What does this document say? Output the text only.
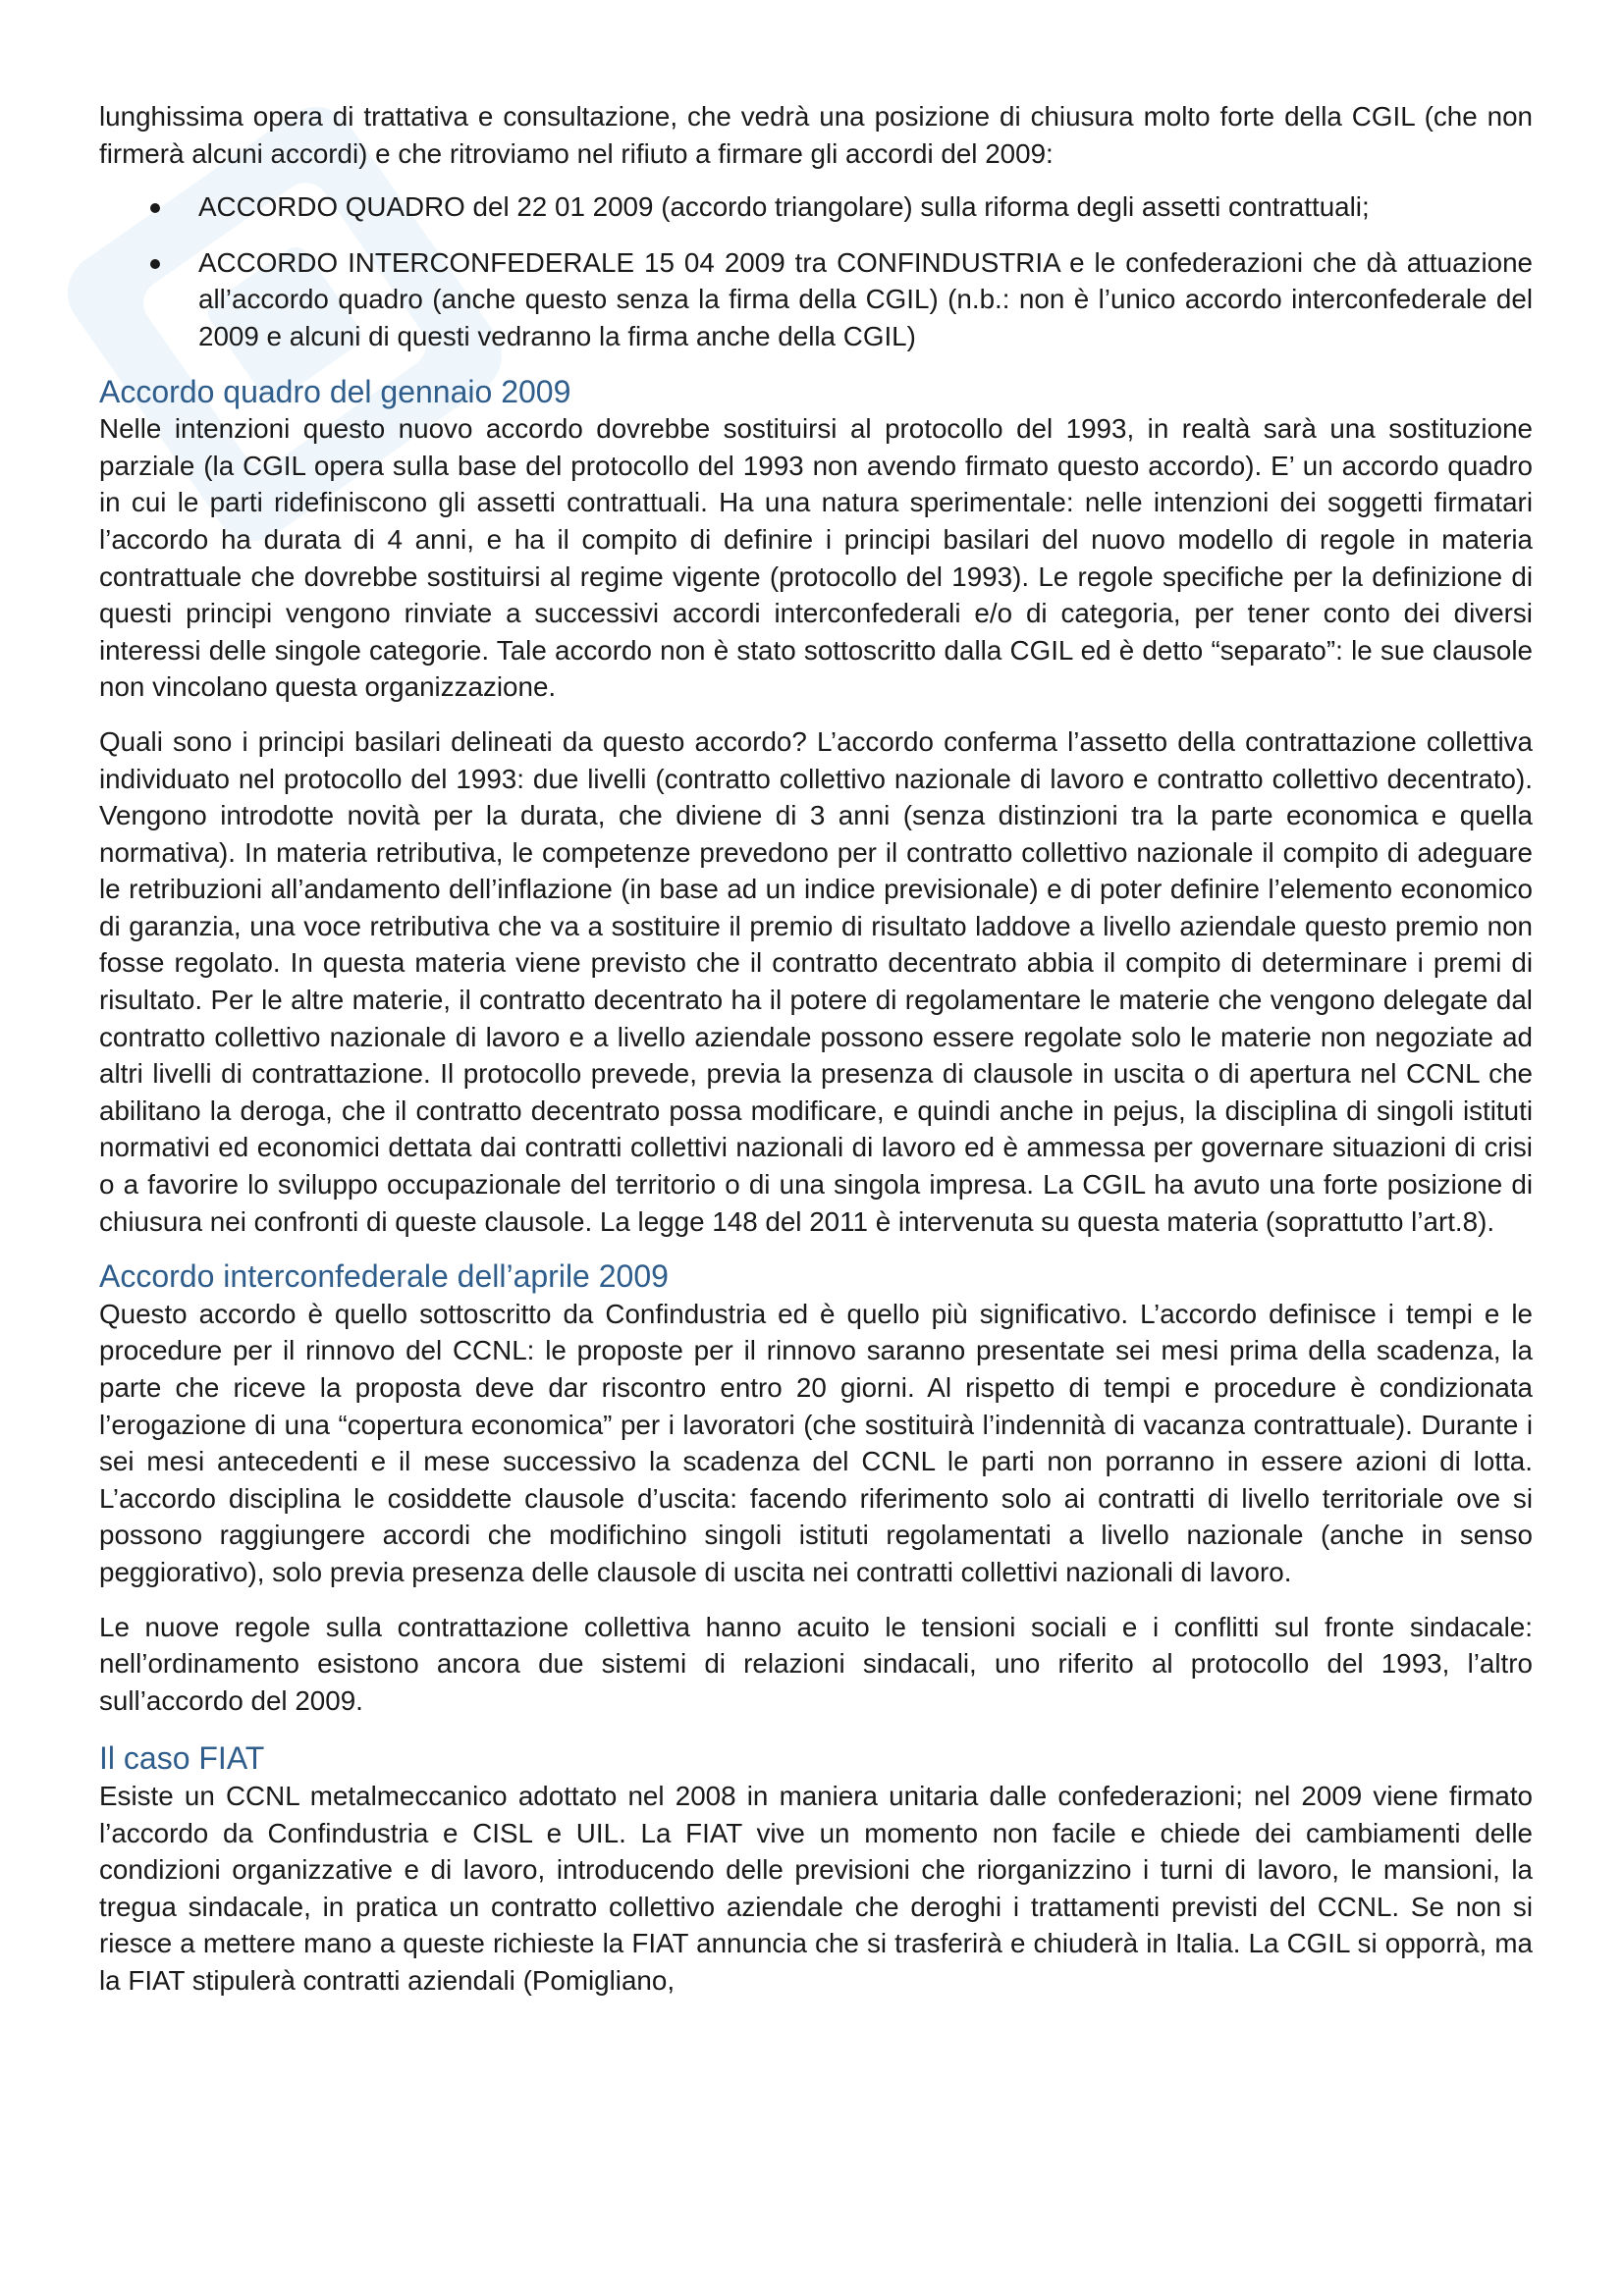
lunghissima opera di trattativa e consultazione, che vedrà una posizione di chiusura molto forte della CGIL (che non firmerà alcuni accordi) e che ritroviamo nel rifiuto a firmare gli accordi del 2009:

ACCORDO QUADRO del 22 01 2009 (accordo triangolare) sulla riforma degli assetti contrattuali;
ACCORDO INTERCONFEDERALE 15 04 2009 tra CONFINDUSTRIA e le confederazioni che dà attuazione all’accordo quadro (anche questo senza la firma della CGIL) (n.b.: non è l’unico accordo interconfederale del 2009 e alcuni di questi vedranno la firma anche della CGIL)
Accordo quadro del gennaio 2009

Nelle intenzioni questo nuovo accordo dovrebbe sostituirsi al protocollo del 1993, in realtà sarà una sostituzione parziale (la CGIL opera sulla base del protocollo del 1993 non avendo firmato questo accordo). E’ un accordo quadro in cui le parti ridefiniscono gli assetti contrattuali. Ha una natura sperimentale: nelle intenzioni dei soggetti firmatari l’accordo ha durata di 4 anni, e ha il compito di definire i principi basilari del nuovo modello di regole in materia contrattuale che dovrebbe sostituirsi al regime vigente (protocollo del 1993). Le regole specifiche per la definizione di questi principi vengono rinviate a successivi accordi interconfederali e/o di categoria, per tener conto dei diversi interessi delle singole categorie. Tale accordo non è stato sottoscritto dalla CGIL ed è detto “separato”: le sue clausole non vincolano questa organizzazione.

Quali sono i principi basilari delineati da questo accordo? L’accordo conferma l’assetto della contrattazione collettiva individuato nel protocollo del 1993: due livelli (contratto collettivo nazionale di lavoro e contratto collettivo decentrato). Vengono introdotte novità per la durata, che diviene di 3 anni (senza distinzioni tra la parte economica e quella normativa). In materia retributiva, le competenze prevedono per il contratto collettivo nazionale il compito di adeguare le retribuzioni all’andamento dell’inflazione (in base ad un indice previsionale) e di poter definire l’elemento economico di garanzia, una voce retributiva che va a sostituire il premio di risultato laddove a livello aziendale questo premio non fosse regolato. In questa materia viene previsto che il contratto decentrato abbia il compito di determinare i premi di risultato. Per le altre materie, il contratto decentrato ha il potere di regolamentare le materie che vengono delegate dal contratto collettivo nazionale di lavoro e a livello aziendale possono essere regolate solo le materie non negoziate ad altri livelli di contrattazione. Il protocollo prevede, previa la presenza di clausole in uscita o di apertura nel CCNL che abilitano la deroga, che il contratto decentrato possa modificare, e quindi anche in pejus, la disciplina di singoli istituti normativi ed economici dettata dai contratti collettivi nazionali di lavoro ed è ammessa per governare situazioni di crisi o a favorire lo sviluppo occupazionale del territorio o di una singola impresa. La CGIL ha avuto una forte posizione di chiusura nei confronti di queste clausole. La legge 148 del 2011 è intervenuta su questa materia (soprattutto l’art.8).

Accordo interconfederale dell’aprile 2009

Questo accordo è quello sottoscritto da Confindustria ed è quello più significativo. L’accordo definisce i tempi e le procedure per il rinnovo del CCNL: le proposte per il rinnovo saranno presentate sei mesi prima della scadenza, la parte che riceve la proposta deve dar riscontro entro 20 giorni. Al rispetto di tempi e procedure è condizionata l’erogazione di una “copertura economica” per i lavoratori (che sostituirà l’indennità di vacanza contrattuale). Durante i sei mesi antecedenti e il mese successivo la scadenza del CCNL le parti non porranno in essere azioni di lotta. L’accordo disciplina le cosiddette clausole d’uscita: facendo riferimento solo ai contratti di livello territoriale ove si possono raggiungere accordi che modifichino singoli istituti regolamentati a livello nazionale (anche in senso peggiorativo), solo previa presenza delle clausole di uscita nei contratti collettivi nazionali di lavoro.

Le nuove regole sulla contrattazione collettiva hanno acuito le tensioni sociali e i conflitti sul fronte sindacale: nell’ordinamento esistono ancora due sistemi di relazioni sindacali, uno riferito al protocollo del 1993, l’altro sull’accordo del 2009.

Il caso FIAT

Esiste un CCNL metalmeccanico adottato nel 2008 in maniera unitaria dalle confederazioni; nel 2009 viene firmato l’accordo da Confindustria e CISL e UIL. La FIAT vive un momento non facile e chiede dei cambiamenti delle condizioni organizzative e di lavoro, introducendo delle previsioni che riorganizzino i turni di lavoro, le mansioni, la tregua sindacale, in pratica un contratto collettivo aziendale che deroghi i trattamenti previsti del CCNL. Se non si riesce a mettere mano a queste richieste la FIAT annuncia che si trasferirà e chiuderà in Italia. La CGIL si opporrà, ma la FIAT stipulerà contratti aziendali (Pomigliano,
